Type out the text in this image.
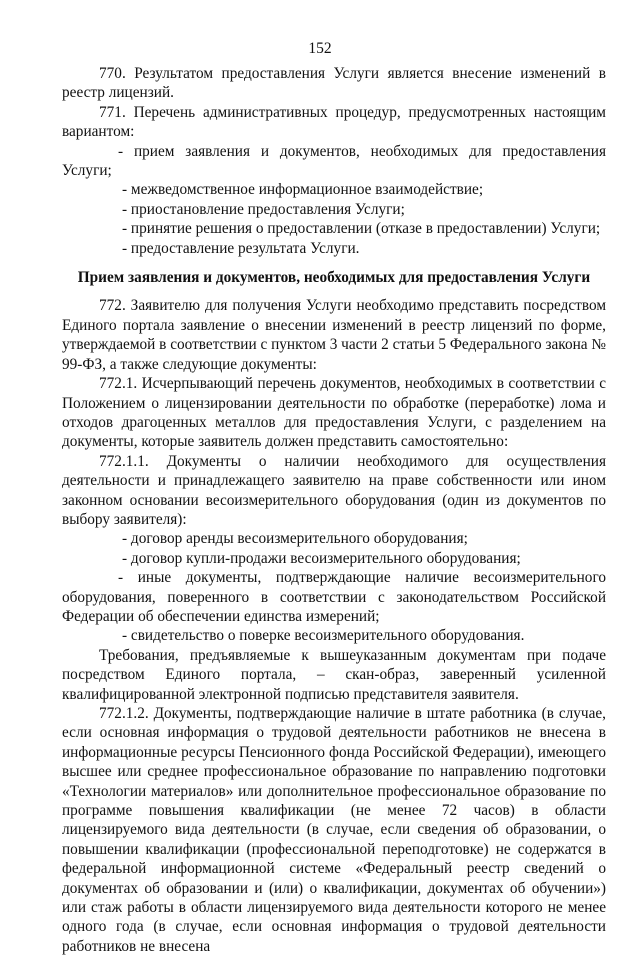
152

770. Результатом предоставления Услуги является внесение изменений в реестр лицензий.

771. Перечень административных процедур, предусмотренных настоящим вариантом:

- прием заявления и документов, необходимых для предоставления Услуги;

- межведомственное информационное взаимодействие;

- приостановление предоставления Услуги;

- принятие решения о предоставлении (отказе в предоставлении) Услуги;

- предоставление результата Услуги.

Прием заявления и документов, необходимых для предоставления Услуги

772. Заявителю для получения Услуги необходимо представить посредством Единого портала заявление о внесении изменений в реестр лицензий по форме, утверждаемой в соответствии с пунктом 3 части 2 статьи 5 Федерального закона № 99-ФЗ, а также следующие документы:

772.1. Исчерпывающий перечень документов, необходимых в соответствии с Положением о лицензировании деятельности по обработке (переработке) лома и отходов драгоценных металлов для предоставления Услуги, с разделением на документы, которые заявитель должен представить самостоятельно:

772.1.1. Документы о наличии необходимого для осуществления деятельности и принадлежащего заявителю на праве собственности или ином законном основании весоизмерительного оборудования (один из документов по выбору заявителя):

- договор аренды весоизмерительного оборудования;

- договор купли-продажи весоизмерительного оборудования;

- иные документы, подтверждающие наличие весоизмерительного оборудования, поверенного в соответствии с законодательством Российской Федерации об обеспечении единства измерений;

- свидетельство о поверке весоизмерительного оборудования.

Требования, предъявляемые к вышеуказанным документам при подаче посредством Единого портала, – скан-образ, заверенный усиленной квалифицированной электронной подписью представителя заявителя.

772.1.2. Документы, подтверждающие наличие в штате работника (в случае, если основная информация о трудовой деятельности работников не внесена в информационные ресурсы Пенсионного фонда Российской Федерации), имеющего высшее или среднее профессиональное образование по направлению подготовки «Технологии материалов» или дополнительное профессиональное образование по программе повышения квалификации (не менее 72 часов) в области лицензируемого вида деятельности (в случае, если сведения об образовании, о повышении квалификации (профессиональной переподготовке) не содержатся в федеральной информационной системе «Федеральный реестр сведений о документах об образовании и (или) о квалификации, документах об обучении») или стаж работы в области лицензируемого вида деятельности которого не менее одного года (в случае, если основная информация о трудовой деятельности работников не внесена
